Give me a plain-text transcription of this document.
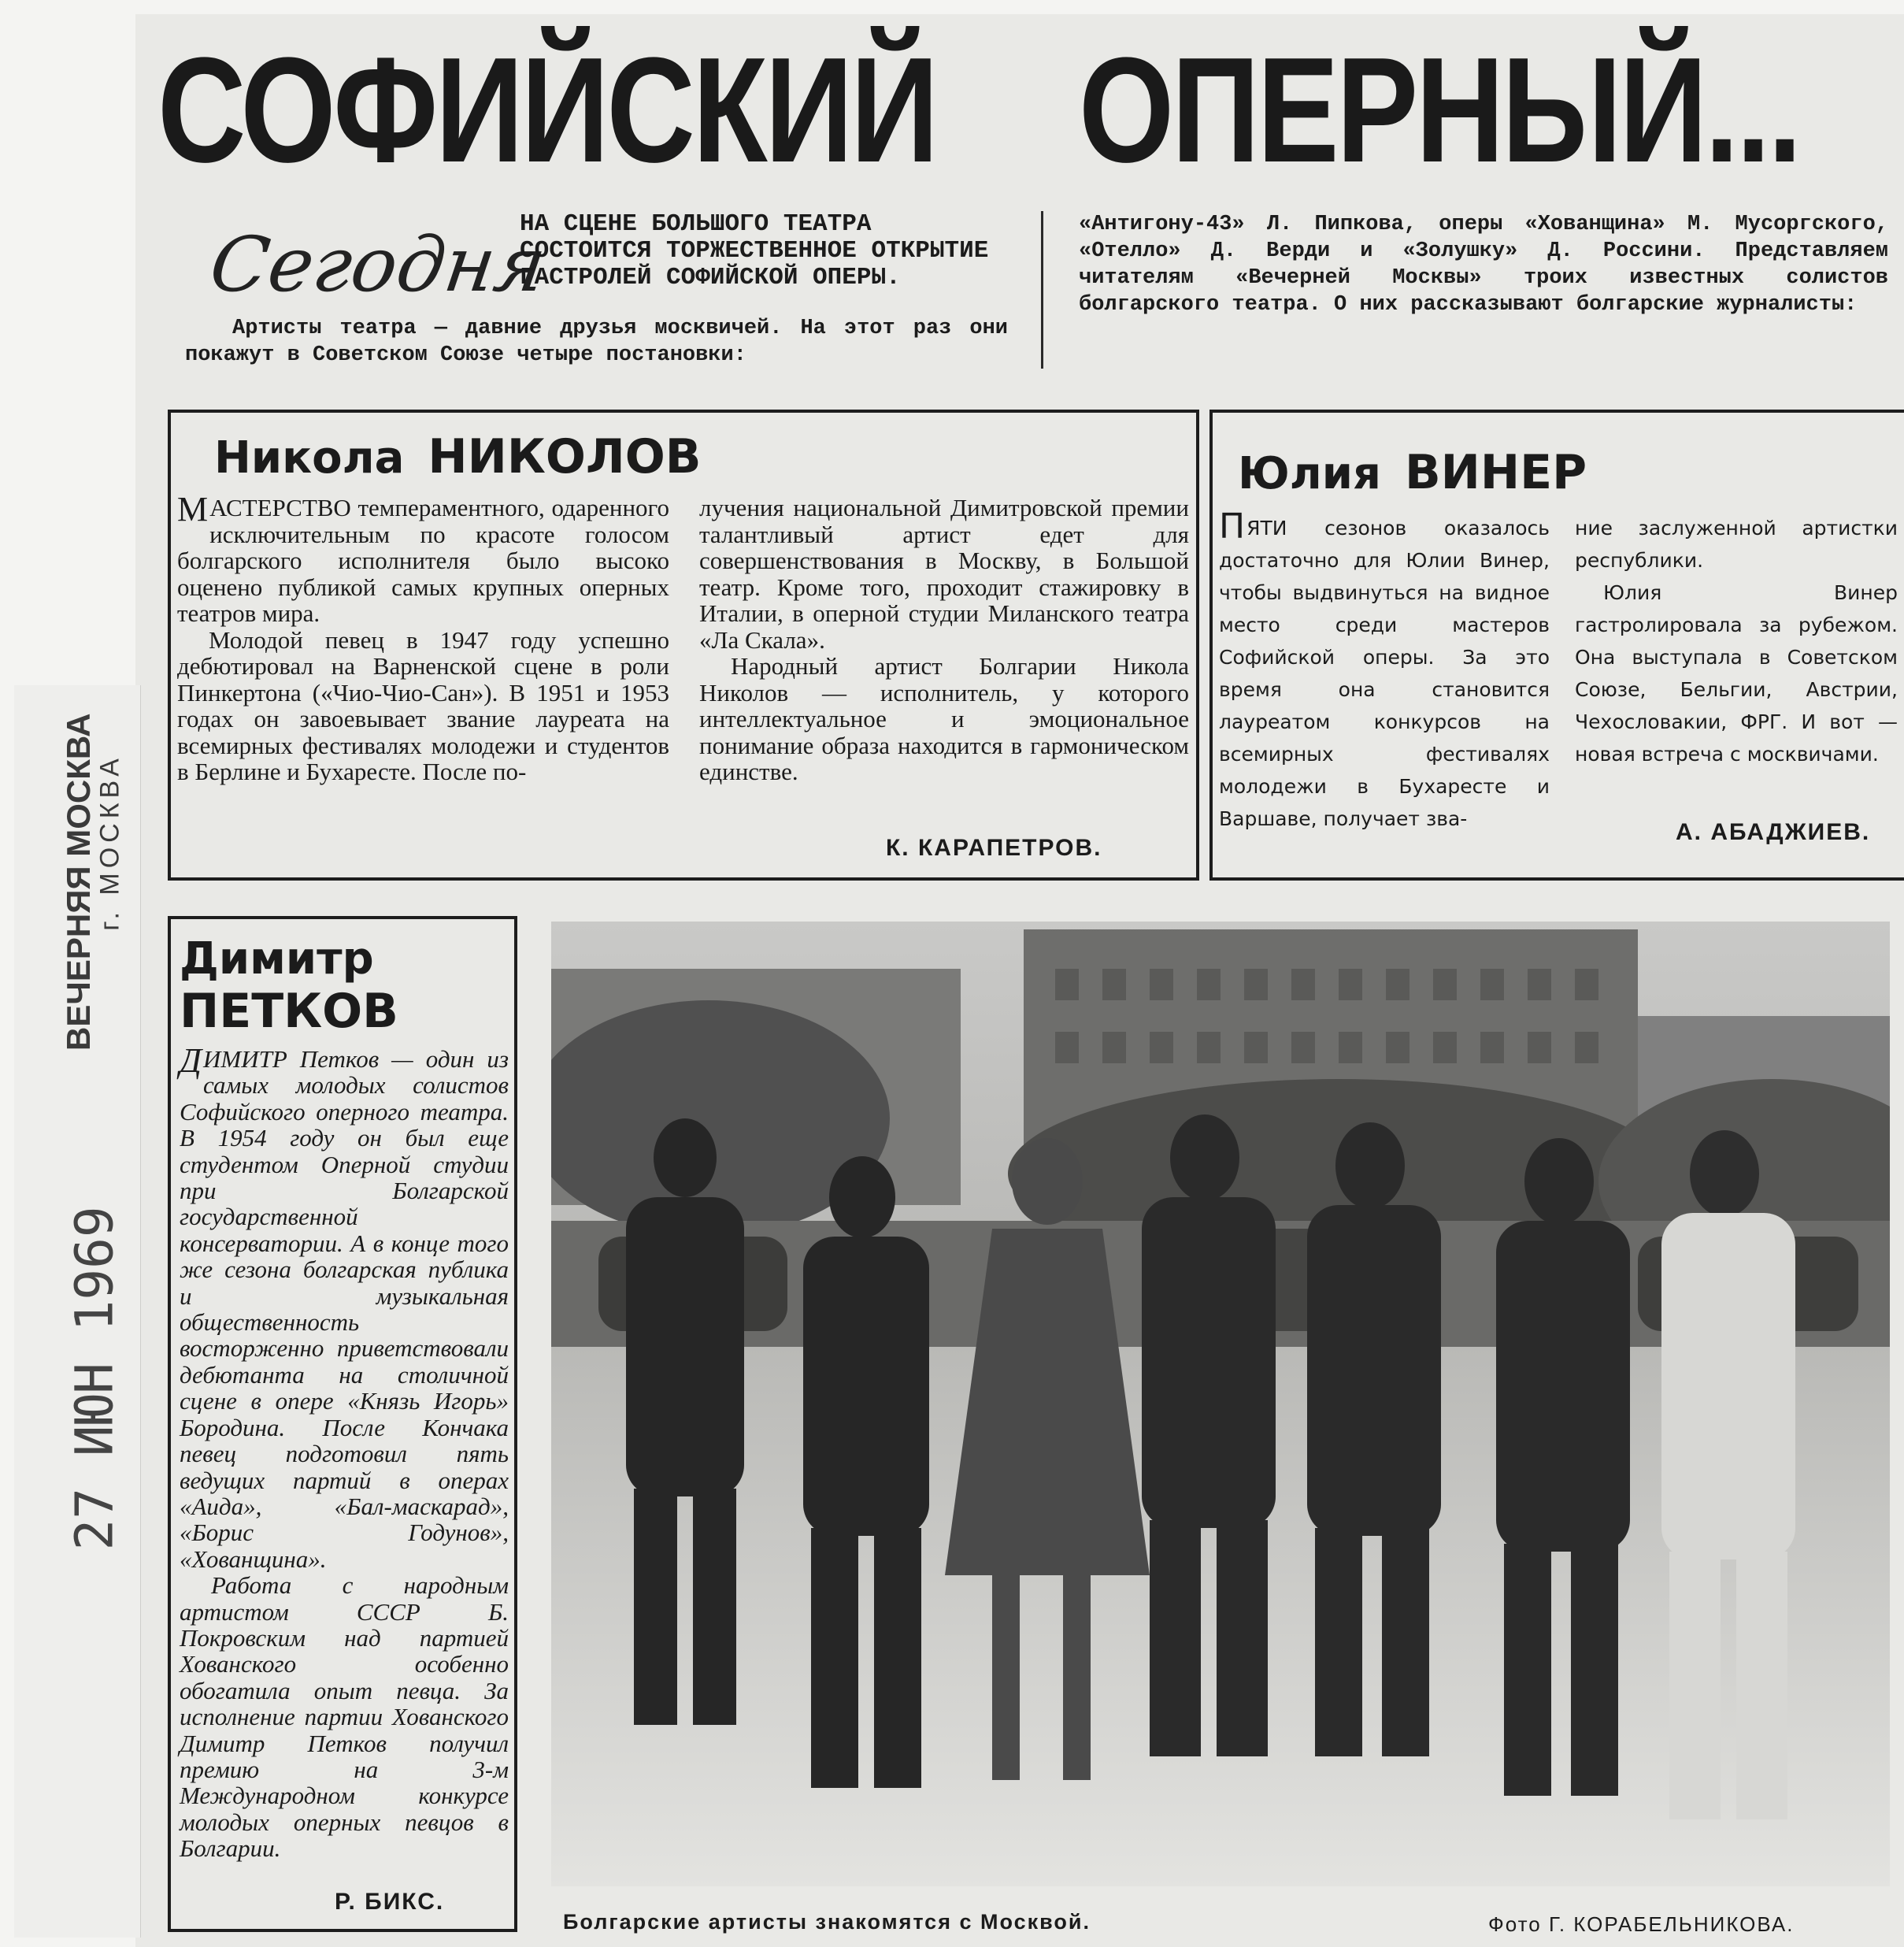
ВЕЧЕРНЯЯ МОСКВА
г. МОСКВА
27 ИЮН 1969
СОФИЙСКИЙ ОПЕРНЫЙ...
Сегодня
НА СЦЕНЕ БОЛЬШОГО ТЕАТРА СОСТОИТСЯ ТОРЖЕСТВЕННОЕ ОТКРЫТИЕ ГАСТРОЛЕЙ СОФИЙСКОЙ ОПЕРЫ.
Артисты театра — давние друзья москвичей. На этот раз они покажут в Советском Союзе четыре постановки:
«Антигону-43» Л. Пипкова, оперы «Хованщина» М. Мусоргского, «Отелло» Д. Верди и «Золушку» Д. Россини. Представляем читателям «Вечерней Москвы» троих известных солистов болгарского театра. О них рассказывают болгарские журналисты:
Никола НИКОЛОВ
М АСТЕРСТВО темпераментного, одаренного исключительным по красоте голосом болгарского исполнителя было высоко оценено публикой самых крупных оперных театров мира.
Молодой певец в 1947 году успешно дебютировал на Варненской сцене в роли Пинкертона («Чио-Чио-Сан»). В 1951 и 1953 годах он завоевывает звание лауреата на всемирных фестивалях молодежи и студентов в Берлине и Бухаресте. После по-
лучения национальной Димитровской премии талантливый артист едет для совершенствования в Москву, в Большой театр. Кроме того, проходит стажировку в Италии, в оперной студии Миланского театра «Ла Скала».
Народный артист Болгарии Никола Николов — исполнитель, у которого интеллектуальное и эмоциональное понимание образа находится в гармоническом единстве.
К. КАРАПЕТРОВ.
Юлия ВИНЕР
ПЯТИ сезонов оказалось достаточно для Юлии Винер, чтобы выдвинуться на видное место среди мастеров Софийской оперы. За это время она становится лауреатом конкурсов на всемирных фестивалях молодежи в Бухаресте и Варшаве, получает зва-
ние заслуженной артистки республики.
Юлия Винер гастролировала за рубежом. Она выступала в Советском Союзе, Бельгии, Австрии, Чехословакии, ФРГ. И вот — новая встреча с москвичами.
А. АБАДЖИЕВ.
Димитр
ПЕТКОВ
Д ИМИТР Петков — один из самых молодых солистов Софийского оперного театра. В 1954 году он был еще студентом Оперной студии при Болгарской государственной консерватории. А в конце того же сезона болгарская публика и музыкальная общественность восторженно приветствовали дебютанта на столичной сцене в опере «Князь Игорь» Бородина. После Кончака певец подготовил пять ведущих партий в операх «Аида», «Бал-маскарад», «Борис Годунов», «Хованщина».
Работа с народным артистом СССР Б. Покровским над партией Хованского особенно обогатила опыт певца. За исполнение партии Хованского Димитр Петков получил премию на 3-м Международном конкурсе молодых оперных певцов в Болгарии.
Р. БИКС.
Болгарские артисты знакомятся с Москвой.	Фото Г. КОРАБЕЛЬНИКОВА.
